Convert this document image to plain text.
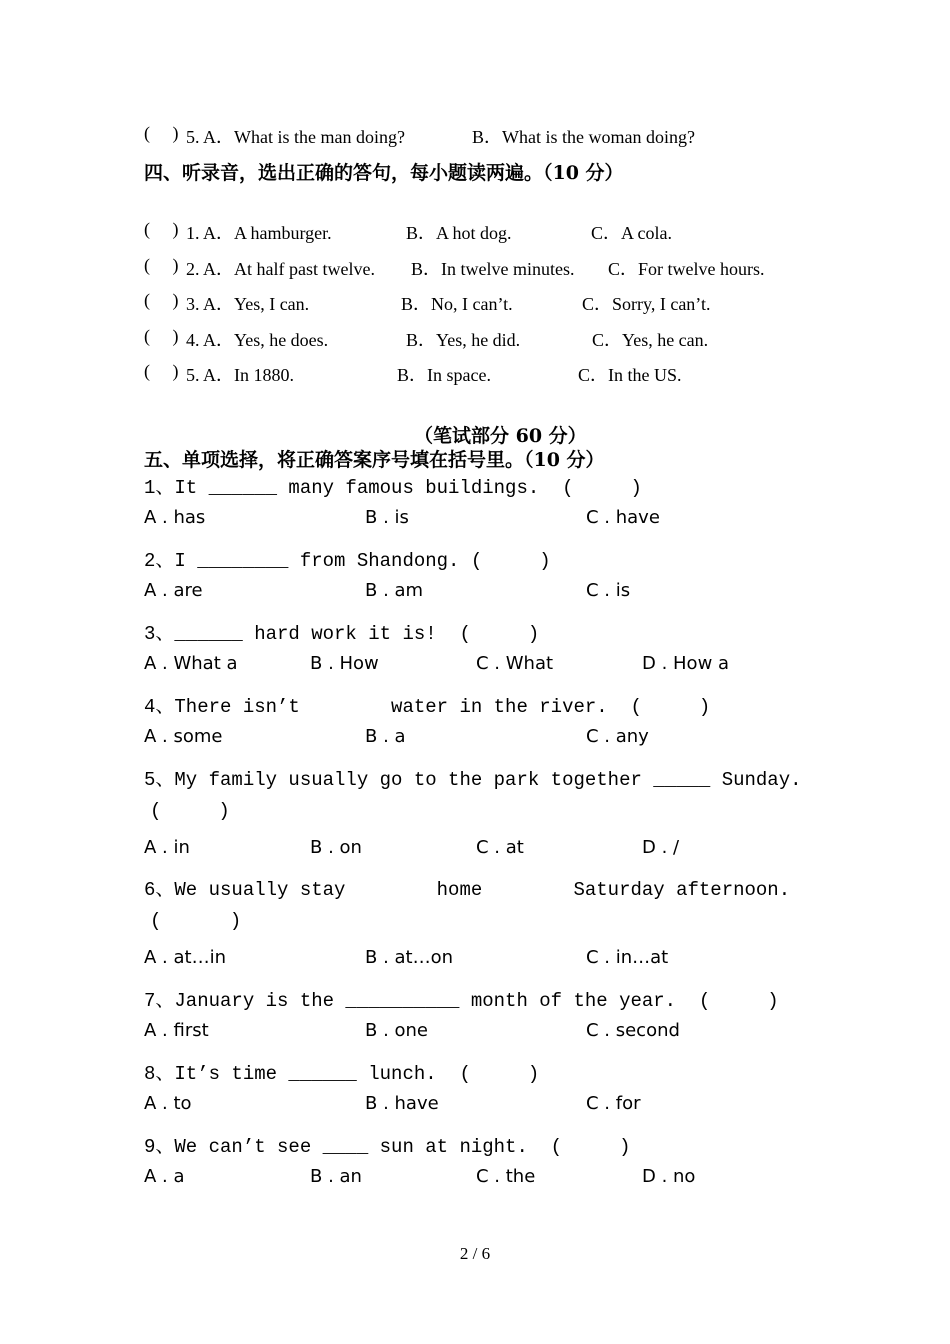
(     ) 5. A．What is the man doing?	B．What is the woman doing?
四、听录音，选出正确的答句，每小题读两遍。（10 分）
(     ) 1. A．A hamburger.	B．A hot dog.	C．A cola.
(     ) 2. A．At half past twelve. B．In twelve minutes. C．For twelve hours.
(     ) 3. A．Yes, I can.	B．No, I can’t.	C．Sorry, I can’t.
(     ) 4. A．Yes, he does.	B．Yes, he did.	C．Yes, he can.
(     ) 5. A．In 1880.	B．In space.	C．In the US.
（笔试部分 60 分）
五、单项选择，将正确答案序号填在括号里。（10 分）
1、It ______ many famous buildings.  (     )
A . has	B . is	C . have
2、I ________ from Shandong. (     )
A . are	B . am	C . is
3、______ hard work it is!  (     )
A . What a	B . How	C . What	D . How a
4、There isn’t        water in the river.  (     )
A . some	B . a	C . any
5、My family usually go to the park together _____ Sunday.
(     )
A . in	B . on	C . at	D . /
6、We usually stay        home        Saturday afternoon.
(      )
A . at…in	B . at…on	C . in…at
7、January is the __________ month of the year.  (     )
A . first	B . one	C . second
8、It’s time ______ lunch.  (     )
A . to	B . have	C . for
9、We can’t see ____ sun at night.  (     )
A . a	B . an	C . the	D . no
2 / 6
